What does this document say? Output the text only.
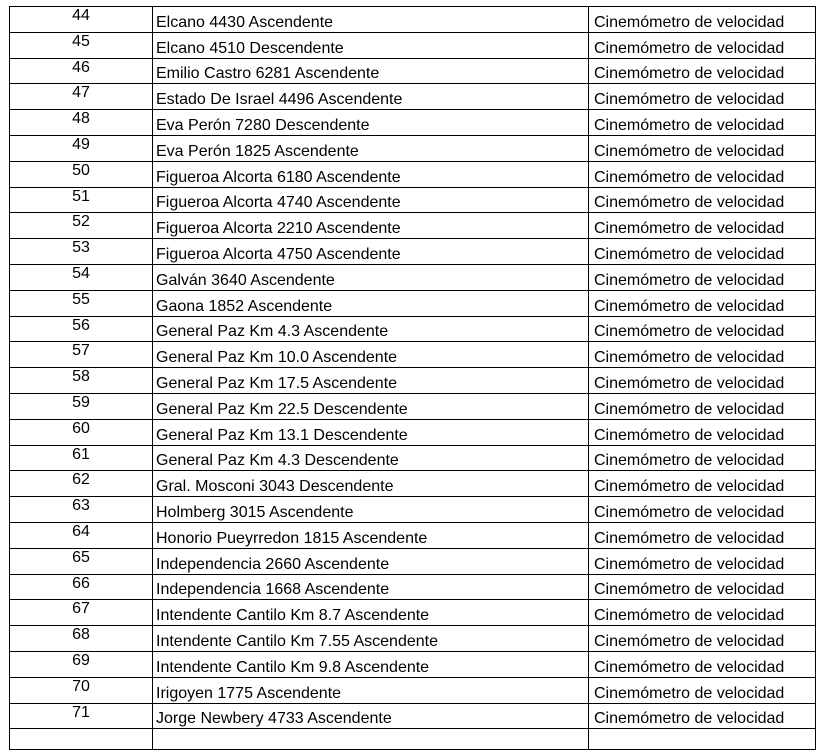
44	Elcano 4430 Ascendente	Cinemómetro de velocidad
45	Elcano 4510 Descendente	Cinemómetro de velocidad
46	Emilio Castro 6281 Ascendente	Cinemómetro de velocidad
47	Estado De Israel 4496 Ascendente	Cinemómetro de velocidad
48	Eva Perón 7280 Descendente	Cinemómetro de velocidad
49	Eva Perón 1825 Ascendente	Cinemómetro de velocidad
50	Figueroa Alcorta 6180 Ascendente	Cinemómetro de velocidad
51	Figueroa Alcorta 4740 Ascendente	Cinemómetro de velocidad
52	Figueroa Alcorta 2210 Ascendente	Cinemómetro de velocidad
53	Figueroa Alcorta 4750 Ascendente	Cinemómetro de velocidad
54	Galván 3640 Ascendente	Cinemómetro de velocidad
55	Gaona 1852 Ascendente	Cinemómetro de velocidad
56	General Paz Km 4.3 Ascendente	Cinemómetro de velocidad
57	General Paz Km 10.0 Ascendente	Cinemómetro de velocidad
58	General Paz Km 17.5 Ascendente	Cinemómetro de velocidad
59	General Paz Km 22.5 Descendente	Cinemómetro de velocidad
60	General Paz Km 13.1 Descendente	Cinemómetro de velocidad
61	General Paz Km 4.3 Descendente	Cinemómetro de velocidad
62	Gral. Mosconi 3043 Descendente	Cinemómetro de velocidad
63	Holmberg 3015 Ascendente	Cinemómetro de velocidad
64	Honorio Pueyrredon 1815 Ascendente	Cinemómetro de velocidad
65	Independencia 2660 Ascendente	Cinemómetro de velocidad
66	Independencia 1668 Ascendente	Cinemómetro de velocidad
67	Intendente Cantilo Km 8.7 Ascendente	Cinemómetro de velocidad
68	Intendente Cantilo Km 7.55 Ascendente	Cinemómetro de velocidad
69	Intendente Cantilo Km 9.8 Ascendente	Cinemómetro de velocidad
70	Irigoyen 1775 Ascendente	Cinemómetro de velocidad
71	Jorge Newbery 4733 Ascendente	Cinemómetro de velocidad
